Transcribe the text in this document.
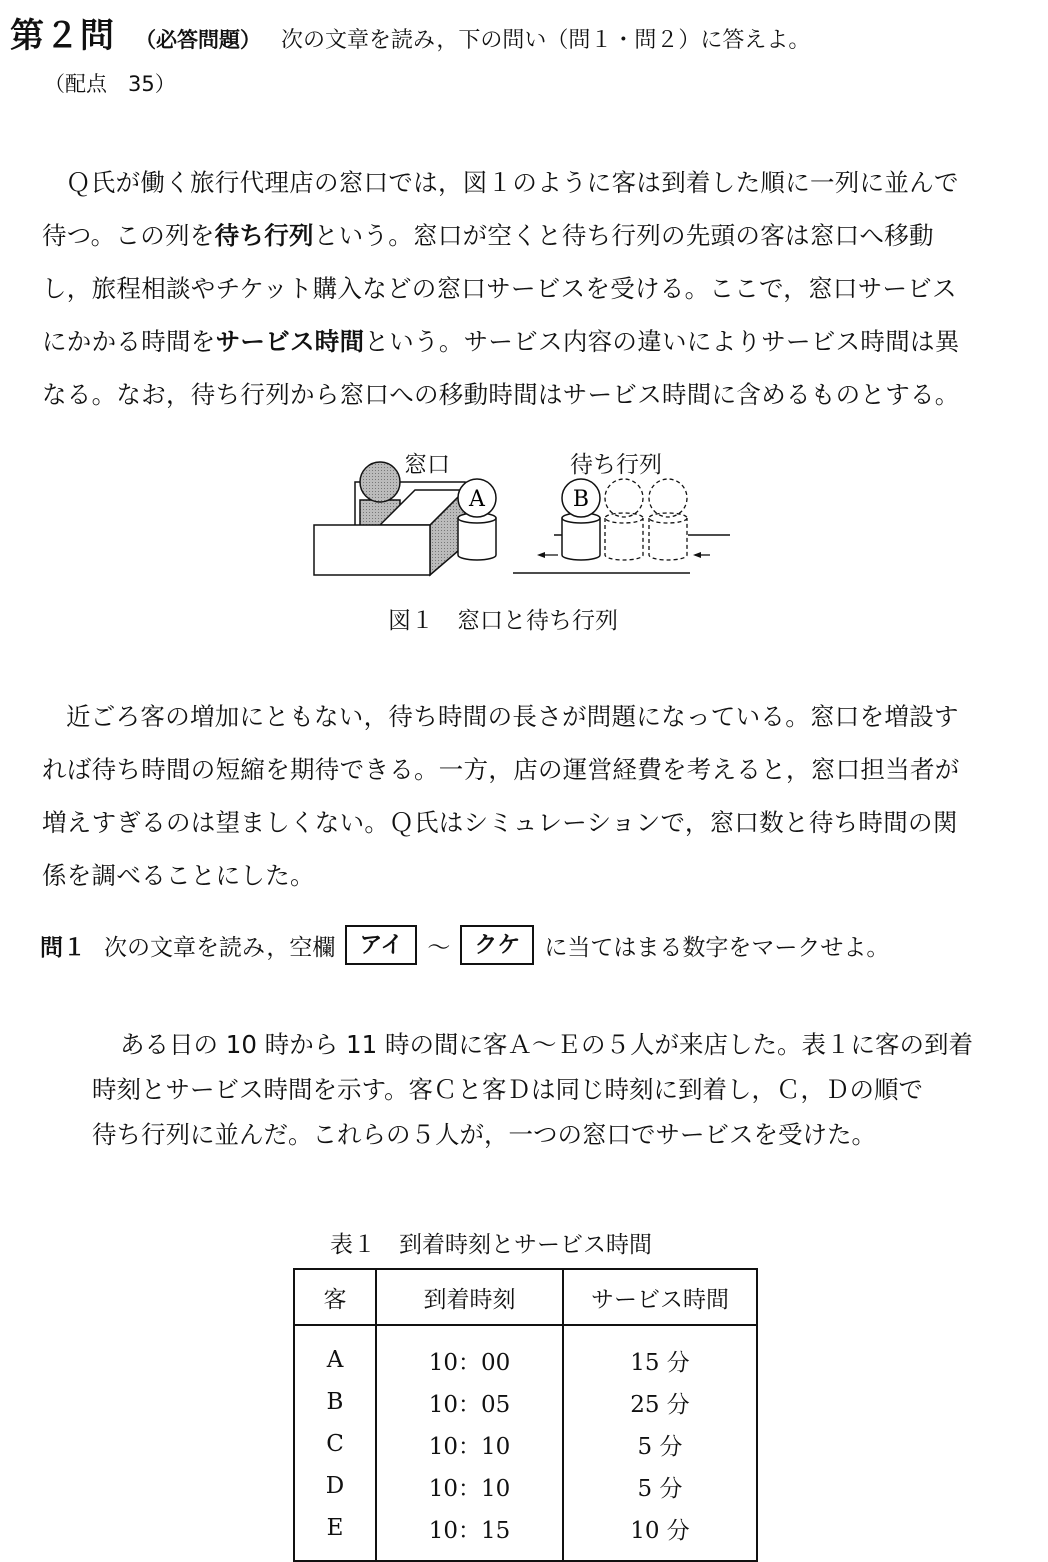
第２問 （必答問題） 次の文章を読み，下の問い（問１・問２）に答えよ。
（配点　35）
Ｑ氏が働く旅行代理店の窓口では，図１のように客は到着した順に一列に並んで
待つ。この列を待ち行列という。窓口が空くと待ち行列の先頭の客は窓口へ移動
し，旅程相談やチケット購入などの窓口サービスを受ける。ここで，窓口サービス
にかかる時間をサービス時間という。サービス内容の違いによりサービス時間は異
なる。なお，待ち行列から窓口への移動時間はサービス時間に含めるものとする。
A	B
窓口	待ち行列
図１　窓口と待ち行列
近ごろ客の増加にともない，待ち時間の長さが問題になっている。窓口を増設す
れば待ち時間の短縮を期待できる。一方，店の運営経費を考えると，窓口担当者が
増えすぎるのは望ましくない。Ｑ氏はシミュレーションで，窓口数と待ち時間の関
係を調べることにした。
問１ 次の文章を読み，空欄	アイ	～	クケ	に当てはまる数字をマークせよ。
ある日の 10 時から 11 時の間に客Ａ～Ｅの５人が来店した。表１に客の到着
時刻とサービス時間を示す。客Ｃと客Ｄは同じ時刻に到着し，Ｃ，Ｄの順で
待ち行列に並んだ。これらの５人が，一つの窓口でサービスを受けた。
表１　到着時刻とサービス時間
客	到着時刻	サービス時間
A	10：00	15 分
B	10：05	25 分
C	10：10	5 分
D	10：10	5 分
E	10：15	10 分
